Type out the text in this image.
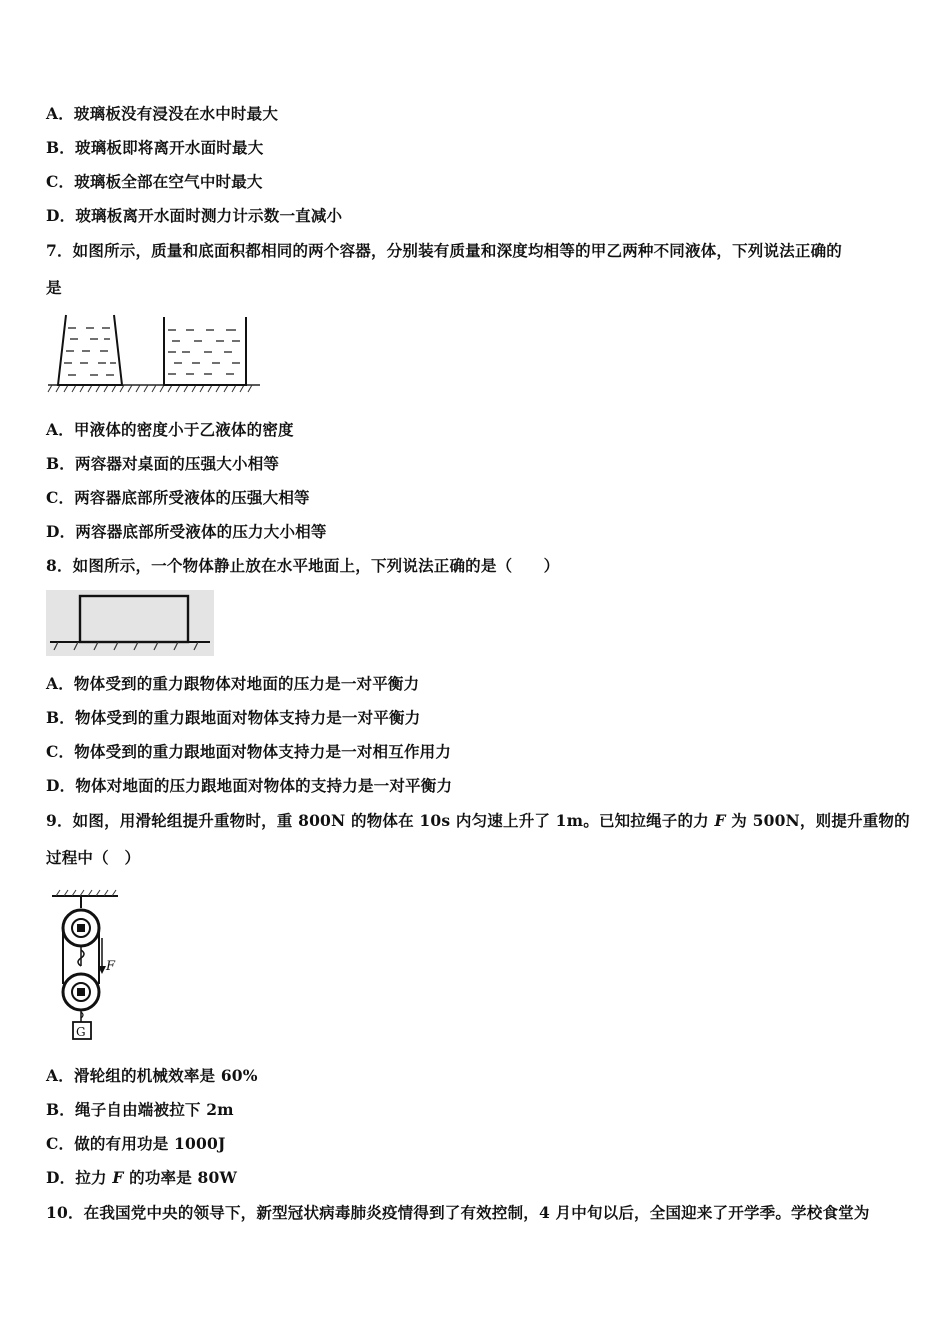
A．玻璃板没有浸没在水中时最大
B．玻璃板即将离开水面时最大
C．玻璃板全部在空气中时最大
D．玻璃板离开水面时测力计示数一直减小
7．如图所示，质量和底面积都相同的两个容器，分别装有质量和深度均相等的甲乙两种不同液体，下列说法正确的
是
A．甲液体的密度小于乙液体的密度
B．两容器对桌面的压强大小相等
C．两容器底部所受液体的压强大相等
D．两容器底部所受液体的压力大小相等
8．如图所示，一个物体静止放在水平地面上，下列说法正确的是（　　）
A．物体受到的重力跟物体对地面的压力是一对平衡力
B．物体受到的重力跟地面对物体支持力是一对平衡力
C．物体受到的重力跟地面对物体支持力是一对相互作用力
D．物体对地面的压力跟地面对物体的支持力是一对平衡力
9．如图，用滑轮组提升重物时，重 800N 的物体在 10s 内匀速上升了 1m。已知拉绳子的力 F 为 500N，则提升重物的
过程中（　）
F
G
A．滑轮组的机械效率是 60%
B．绳子自由端被拉下 2m
C．做的有用功是 1000J
D．拉力 F 的功率是 80W
10．在我国党中央的领导下，新型冠状病毒肺炎疫情得到了有效控制，4 月中旬以后，全国迎来了开学季。学校食堂为
